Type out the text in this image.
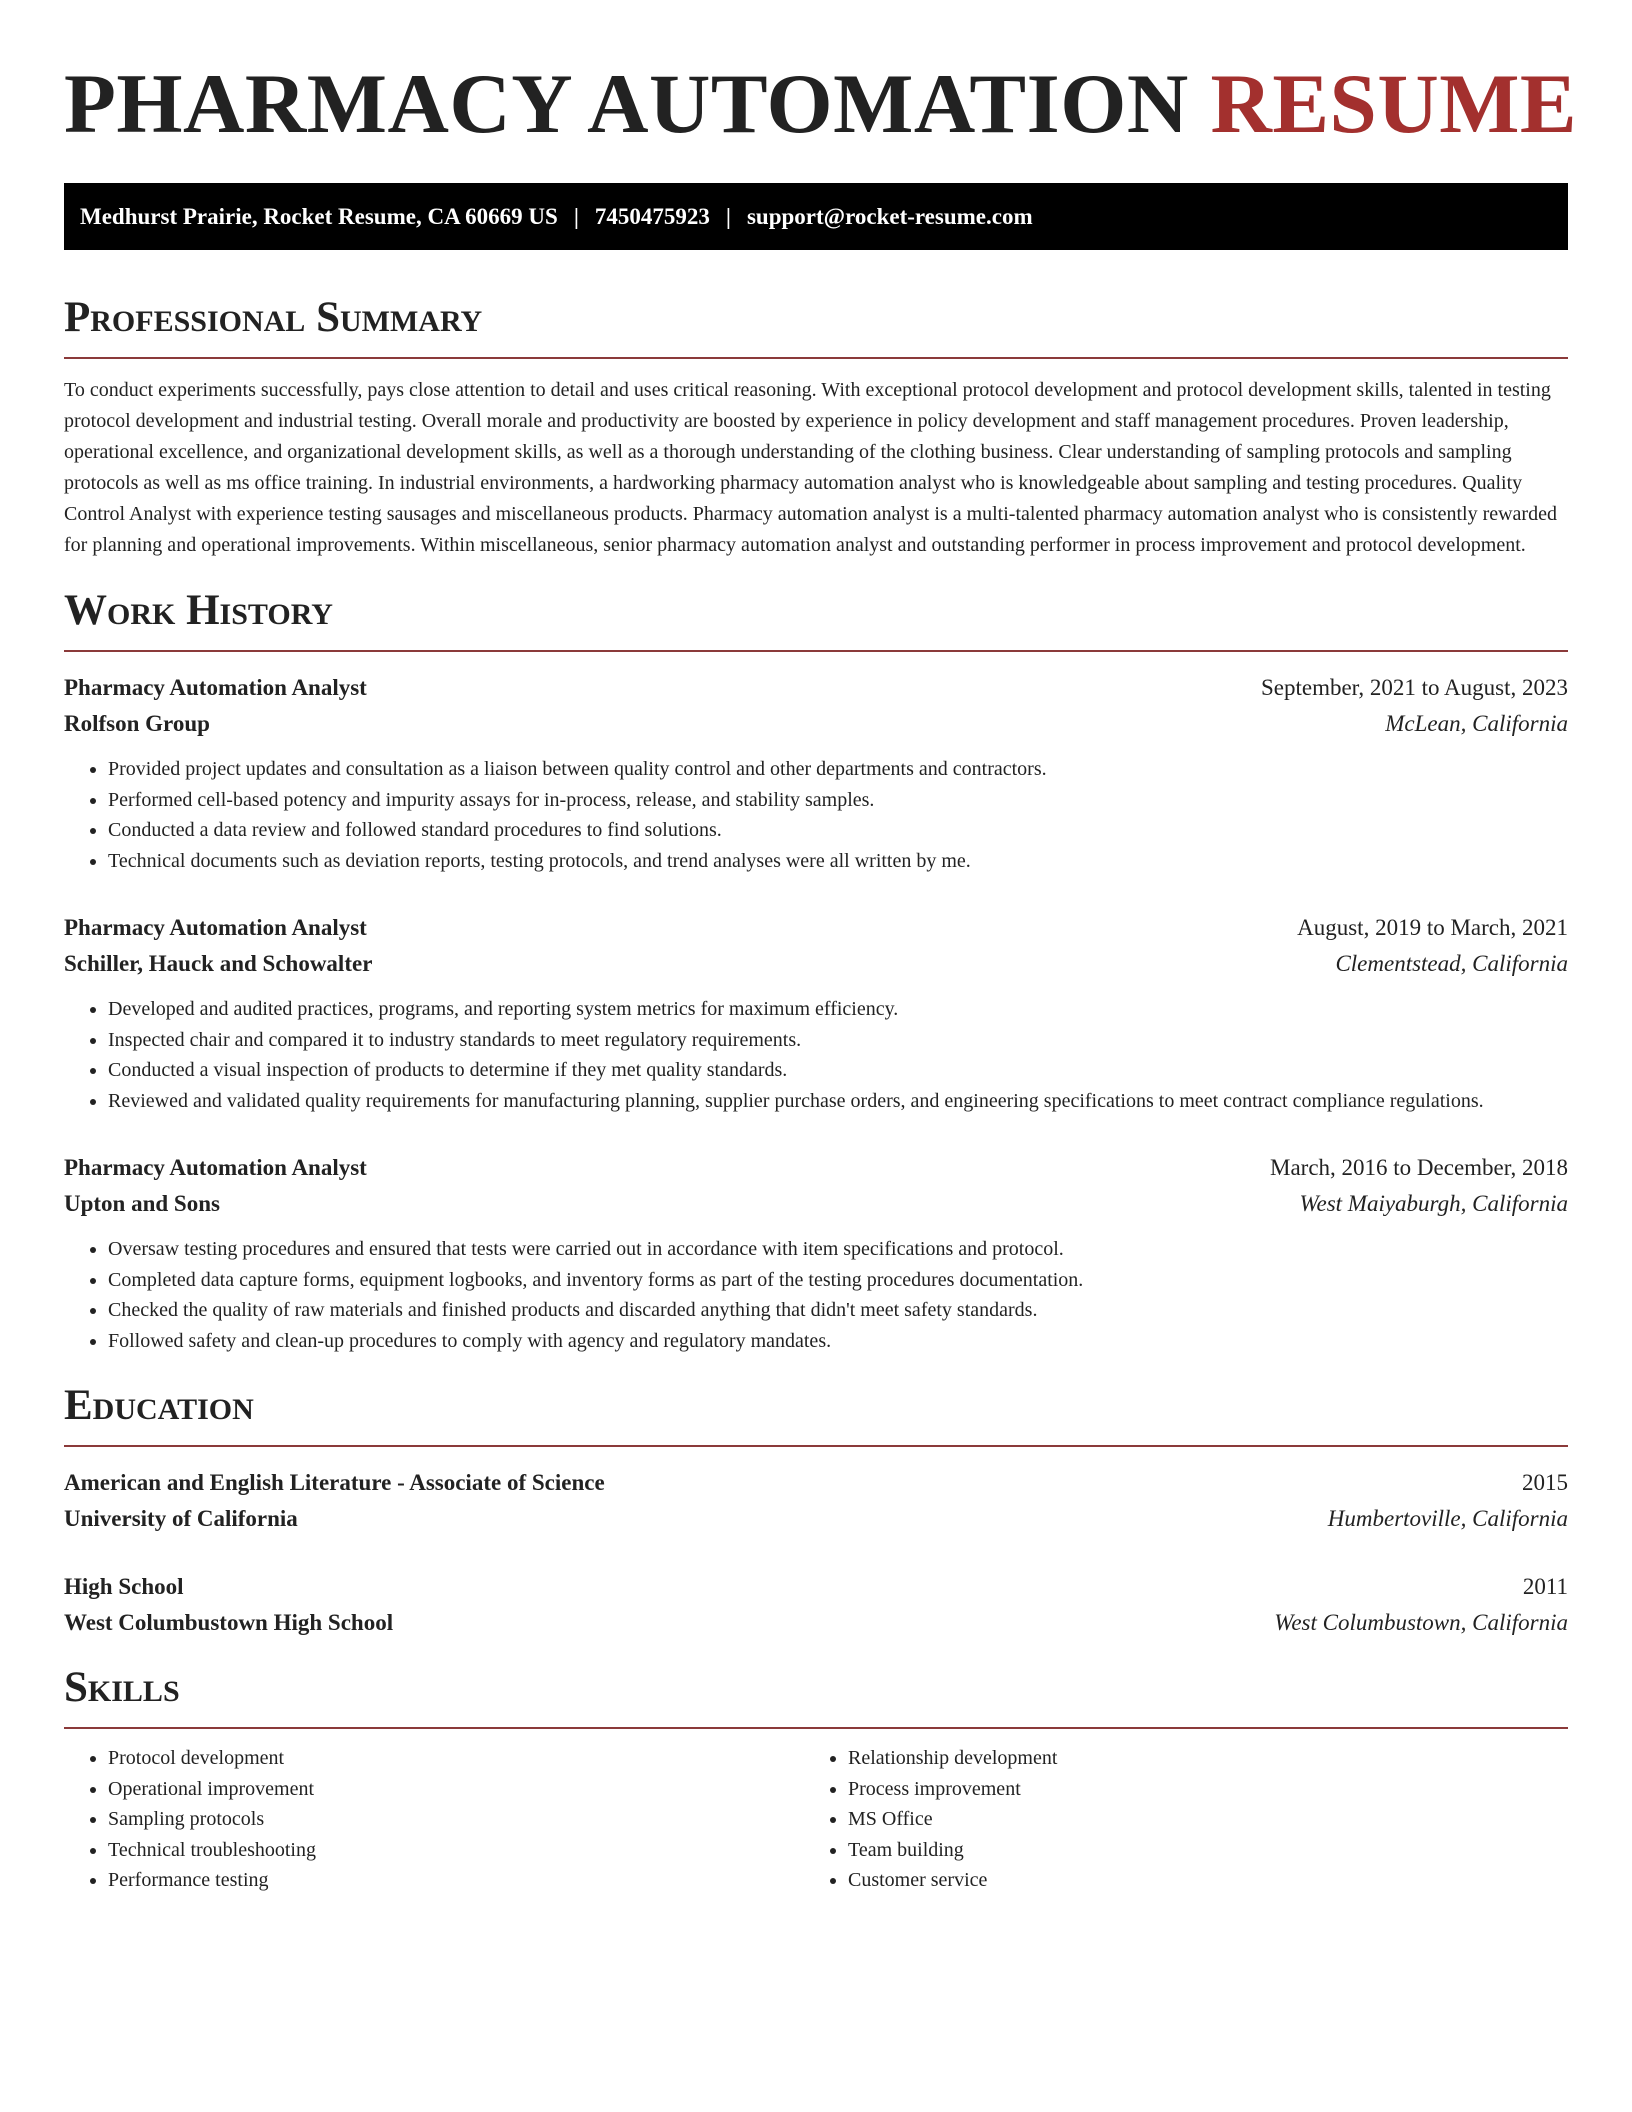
PHARMACY AUTOMATION RESUME
Medhurst Prairie, Rocket Resume, CA 60669 US | 7450475923 | support@rocket-resume.com
Professional Summary

To conduct experiments successfully, pays close attention to detail and uses critical reasoning. With exceptional protocol development and protocol development skills, talented in testing protocol development and industrial testing. Overall morale and productivity are boosted by experience in policy development and staff management procedures. Proven leadership, operational excellence, and organizational development skills, as well as a thorough understanding of the clothing business. Clear understanding of sampling protocols and sampling protocols as well as ms office training. In industrial environments, a hardworking pharmacy automation analyst who is knowledgeable about sampling and testing procedures. Quality Control Analyst with experience testing sausages and miscellaneous products. Pharmacy automation analyst is a multi-talented pharmacy automation analyst who is consistently rewarded for planning and operational improvements. Within miscellaneous, senior pharmacy automation analyst and outstanding performer in process improvement and protocol development.

Work History
Pharmacy Automation Analyst	September, 2021 to August, 2023
Rolfson Group	McLean, California
• Provided project updates and consultation as a liaison between quality control and other departments and contractors.
• Performed cell-based potency and impurity assays for in-process, release, and stability samples.
• Conducted a data review and followed standard procedures to find solutions.
• Technical documents such as deviation reports, testing protocols, and trend analyses were all written by me.
Pharmacy Automation Analyst	August, 2019 to March, 2021
Schiller, Hauck and Schowalter	Clementstead, California
• Developed and audited practices, programs, and reporting system metrics for maximum efficiency.
• Inspected chair and compared it to industry standards to meet regulatory requirements.
• Conducted a visual inspection of products to determine if they met quality standards.
• Reviewed and validated quality requirements for manufacturing planning, supplier purchase orders, and engineering specifications to meet contract compliance regulations.
Pharmacy Automation Analyst	March, 2016 to December, 2018
Upton and Sons	West Maiyaburgh, California
• Oversaw testing procedures and ensured that tests were carried out in accordance with item specifications and protocol.
• Completed data capture forms, equipment logbooks, and inventory forms as part of the testing procedures documentation.
• Checked the quality of raw materials and finished products and discarded anything that didn't meet safety standards.
• Followed safety and clean-up procedures to comply with agency and regulatory mandates.
Education
American and English Literature - Associate of Science	2015
University of California	Humbertoville, California
High School	2011
West Columbustown High School	West Columbustown, California
Skills
• Protocol development
• Operational improvement
• Sampling protocols
• Technical troubleshooting
• Performance testing
• Relationship development
• Process improvement
• MS Office
• Team building
• Customer service
